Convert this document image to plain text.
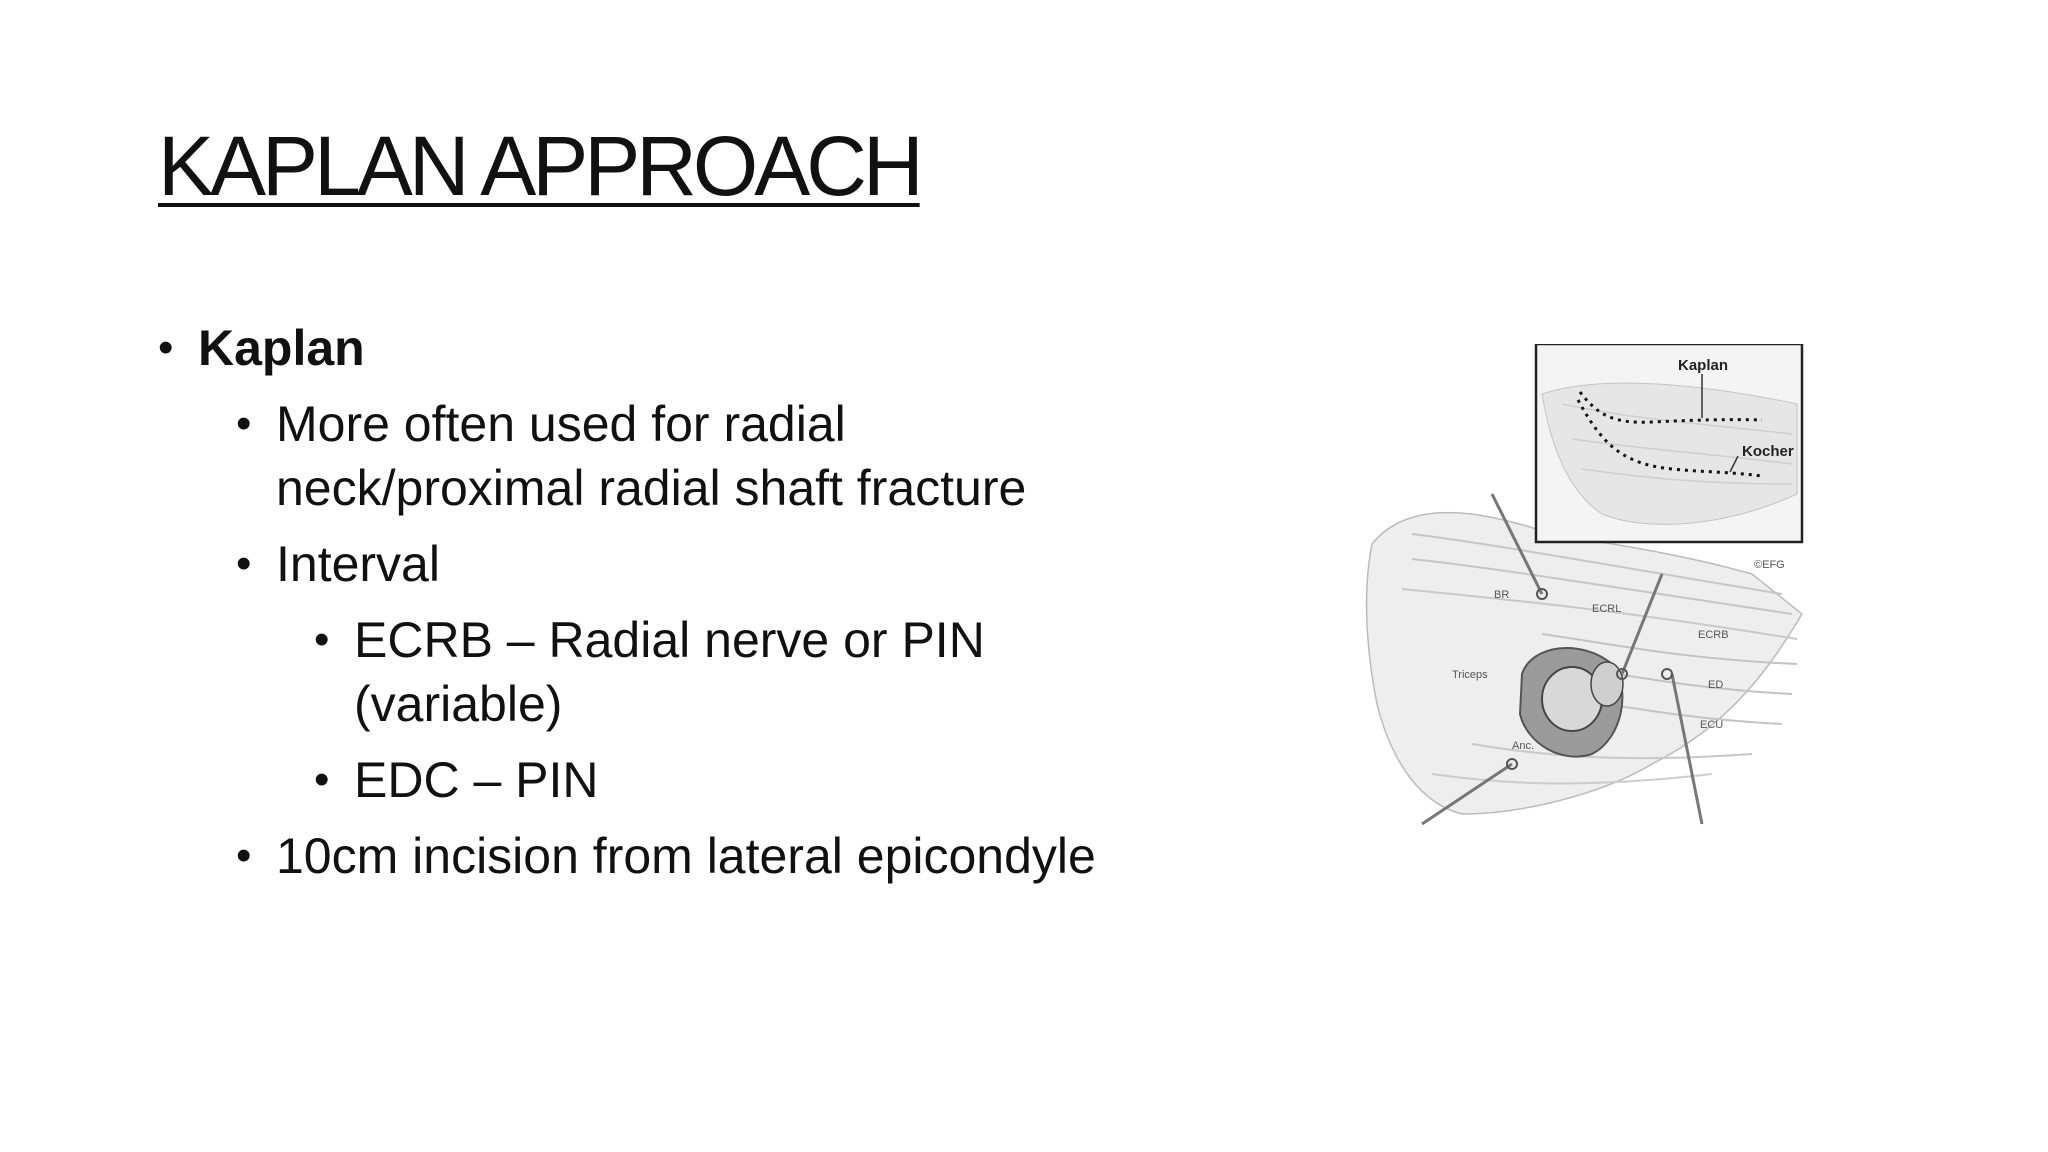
KAPLAN APPROACH

• Kaplan

• More often used for radial neck/proximal radial shaft fracture

• Interval

• ECRB – Radial nerve or PIN (variable)

• EDC – PIN

• 10cm incision from lateral epicondyle

Kaplan
Kocher
BR
ECRL
ECRB
Triceps
ED
ECU
Anc.
©EFG
